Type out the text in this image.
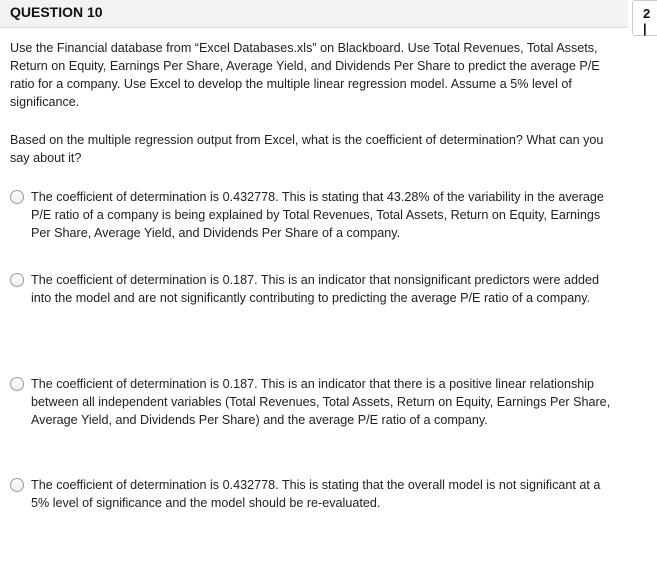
QUESTION 10	2 |
Use the Financial database from “Excel Databases.xls” on Blackboard. Use Total Revenues, Total Assets, Return on Equity, Earnings Per Share, Average Yield, and Dividends Per Share to predict the average P/E ratio for a company. Use Excel to develop the multiple linear regression model. Assume a 5% level of significance.
Based on the multiple regression output from Excel, what is the coefficient of determination? What can you say about it?
The coefficient of determination is 0.432778. This is stating that 43.28% of the variability in the average P/E ratio of a company is being explained by Total Revenues, Total Assets, Return on Equity, Earnings Per Share, Average Yield, and Dividends Per Share of a company.
The coefficient of determination is 0.187. This is an indicator that nonsignificant predictors were added into the model and are not significantly contributing to predicting the average P/E ratio of a company.
The coefficient of determination is 0.187. This is an indicator that there is a positive linear relationship between all independent variables (Total Revenues, Total Assets, Return on Equity, Earnings Per Share, Average Yield, and Dividends Per Share) and the average P/E ratio of a company.
The coefficient of determination is 0.432778. This is stating that the overall model is not significant at a 5% level of significance and the model should be re-evaluated.
